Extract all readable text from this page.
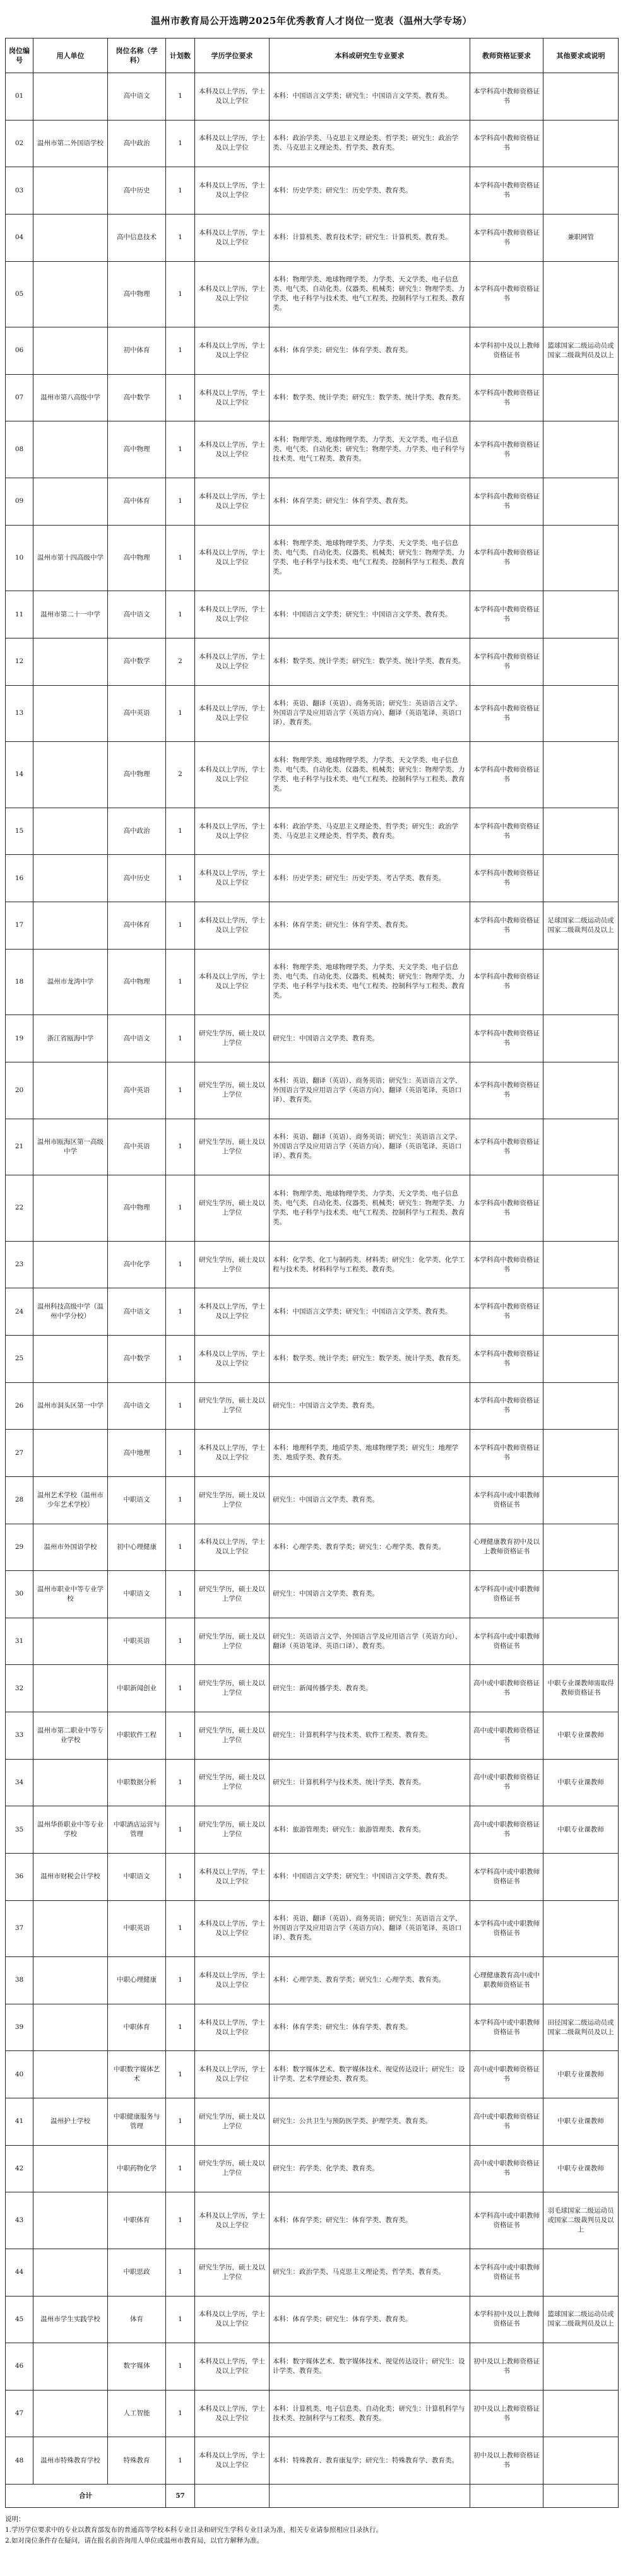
温州市教育局公开选聘2025年优秀教育人才岗位一览表（温州大学专场）
岗位编号	用人单位	岗位名称（学科）	计划数	学历学位要求	本科或研究生专业要求	教师资格证要求	其他要求或说明
01		高中语文	1	本科及以上学历，学士及以上学位	本科：中国语言文学类；研究生：中国语言文学类、教育类。	本学科高中教师资格证书	
02	温州市第二外国语学校	高中政治	1	本科及以上学历，学士及以上学位	本科：政治学类、马克思主义理论类、哲学类；研究生：政治学类、马克思主义理论类、哲学类、教育类。	本学科高中教师资格证书	
03		高中历史	1	本科及以上学历，学士及以上学位	本科：历史学类；研究生：历史学类、教育类。	本学科高中教师资格证书	
04		高中信息技术	1	本科及以上学历，学士及以上学位	本科：计算机类、教育技术学；研究生：计算机类、教育类。	本学科高中教师资格证书	兼职网管
05		高中物理	1	本科及以上学历，学士及以上学位	本科：物理学类、地球物理学类、力学类、天文学类、电子信息类、电气类、自动化类、仪器类、机械类；研究生：物理学类、力学类、电子科学与技术类、电气工程类、控制科学与工程类、教育类。	本学科高中教师资格证书	
06		初中体育	1	本科及以上学历，学士及以上学位	本科：体育学类；研究生：体育学类、教育类。	本学科初中及以上教师资格证书	篮球国家二级运动员或国家二级裁判员及以上
07	温州市第八高级中学	高中数学	1	本科及以上学历，学士及以上学位	本科：数学类、统计学类；研究生：数学类、统计学类、教育类。	本学科高中教师资格证书	
08		高中物理	1	本科及以上学历，学士及以上学位	本科：物理学类、地球物理学类、力学类、天文学类、电子信息类、电气类、自动化类；研究生：物理学类、力学类、电子科学与技术类、电气工程类、教育类。	本学科高中教师资格证书	
09		高中体育	1	本科及以上学历，学士及以上学位	本科：体育学类；研究生：体育学类、教育类。	本学科高中教师资格证书	
10	温州市第十四高级中学	高中物理	1	本科及以上学历，学士及以上学位	本科：物理学类、地球物理学类、力学类、天文学类、电子信息类、电气类、自动化类、仪器类、机械类；研究生：物理学类、力学类、电子科学与技术类、电气工程类、控制科学与工程类、教育类。	本学科高中教师资格证书	
11	温州市第二十一中学	高中语文	1	本科及以上学历，学士及以上学位	本科：中国语言文学类；研究生：中国语言文学类、教育类。	本学科高中教师资格证书	
12		高中数学	2	本科及以上学历，学士及以上学位	本科：数学类、统计学类；研究生：数学类、统计学类、教育类。	本学科高中教师资格证书	
13		高中英语	1	本科及以上学历，学士及以上学位	本科：英语、翻译（英语）、商务英语；研究生：英语语言文学、外国语言学及应用语言学（英语方向）、翻译（英语笔译、英语口译）、教育类。	本学科高中教师资格证书	
14		高中物理	2	本科及以上学历，学士及以上学位	本科：物理学类、地球物理学类、力学类、天文学类、电子信息类、电气类、自动化类、仪器类、机械类；研究生：物理学类、力学类、电子科学与技术类、电气工程类、控制科学与工程类、教育类。	本学科高中教师资格证书	
15		高中政治	1	本科及以上学历，学士及以上学位	本科：政治学类、马克思主义理论类、哲学类；研究生：政治学类、马克思主义理论类、哲学类、教育类。	本学科高中教师资格证书	
16		高中历史	1	本科及以上学历，学士及以上学位	本科：历史学类；研究生：历史学类、考古学类、教育类。	本学科高中教师资格证书	
17		高中体育	1	本科及以上学历，学士及以上学位	本科：体育学类；研究生：体育学类、教育类。	本学科高中教师资格证书	足球国家二级运动员或国家二级裁判员及以上
18	温州市龙湾中学	高中物理	1	本科及以上学历，学士及以上学位	本科：物理学类、地球物理学类、力学类、天文学类、电子信息类、电气类、自动化类、仪器类、机械类；研究生：物理学类、力学类、电子科学与技术类、电气工程类、控制科学与工程类、教育类。	本学科高中教师资格证书	
19	浙江省瓯海中学	高中语文	1	研究生学历，硕士及以上学位	研究生：中国语言文学类、教育类。	本学科高中教师资格证书	
20		高中英语	1	研究生学历，硕士及以上学位	本科：英语、翻译（英语）、商务英语；研究生：英语语言文学、外国语言学及应用语言学（英语方向）、翻译（英语笔译、英语口译）、教育类。	本学科高中教师资格证书	
21	温州市瓯海区第一高级中学	高中英语	1	研究生学历，硕士及以上学位	本科：英语、翻译（英语）、商务英语；研究生：英语语言文学、外国语言学及应用语言学（英语方向）、翻译（英语笔译、英语口译）、教育类。	本学科高中教师资格证书	
22		高中物理	1	研究生学历，硕士及以上学位	本科：物理学类、地球物理学类、力学类、天文学类、电子信息类、电气类、自动化类、仪器类、机械类；研究生：物理学类、力学类、电子科学与技术类、电气工程类、控制科学与工程类、教育类。	本学科高中教师资格证书	
23		高中化学	1	研究生学历，硕士及以上学位	本科：化学类、化工与制药类、材料类；研究生：化学类、化学工程与技术类、材料科学与工程类、教育类。	本学科高中教师资格证书	
24	温州科技高级中学（温州中学分校）	高中语文	1	本科及以上学历，学士及以上学位	本科：中国语言文学类；研究生：中国语言文学类、教育类。	本学科高中教师资格证书	
25		高中数学	1	本科及以上学历，学士及以上学位	本科：数学类、统计学类；研究生：数学类、统计学类、教育类。	本学科高中教师资格证书	
26	温州市洞头区第一中学	高中语文	1	研究生学历，硕士及以上学位	研究生：中国语言文学类、教育类。	本学科高中教师资格证书	
27		高中地理	1	本科及以上学历，学士及以上学位	本科：地理科学类、地质学类、地球物理学类；研究生：地理学类、地质学类、教育类。	本学科高中教师资格证书	
28	温州艺术学校（温州市少年艺术学校）	中职语文	1	研究生学历，硕士及以上学位	研究生：中国语言文学类、教育类。	本学科高中或中职教师资格证书	
29	温州市外国语学校	初中心理健康	1	本科及以上学历，学士及以上学位	本科：心理学类、教育学类；研究生：心理学类、教育类。	心理健康教育初中及以上教师资格证书	
30	温州市职业中等专业学校	中职语文	1	研究生学历，硕士及以上学位	研究生：中国语言文学类、教育类。	本学科高中或中职教师资格证书	
31		中职英语	1	研究生学历，硕士及以上学位	研究生：英语语言文学、外国语言学及应用语言学（英语方向）、翻译（英语笔译、英语口译）、教育类。	本学科高中或中职教师资格证书	
32		中职新闻创业	1	研究生学历，硕士及以上学位	研究生：新闻传播学类、教育类。	高中或中职教师资格证书	中职专业课教师需取得教师资格证书
33	温州市第二职业中等专业学校	中职软件工程	1	研究生学历，硕士及以上学位	研究生：计算机科学与技术类、软件工程类、教育类。	高中或中职教师资格证书	中职专业课教师
34		中职数据分析	1	研究生学历，硕士及以上学位	研究生：计算机科学与技术类、统计学类、教育类。	高中或中职教师资格证书	中职专业课教师
35	温州华侨职业中等专业学校	中职酒店运营与管理	1	研究生学历，硕士及以上学位	本科：旅游管理类；研究生：旅游管理类、教育类。	高中或中职教师资格证书	中职专业课教师
36	温州市财税会计学校	中职语文	1	本科及以上学历，学士及以上学位	本科：中国语言文学类；研究生：中国语言文学类、教育类。	本学科高中或中职教师资格证书	
37		中职英语	1	本科及以上学历，学士及以上学位	本科：英语、翻译（英语）、商务英语；研究生：英语语言文学、外国语言学及应用语言学（英语方向）、翻译（英语笔译、英语口译）、教育类。	本学科高中或中职教师资格证书	
38		中职心理健康	1	本科及以上学历，学士及以上学位	本科：心理学类、教育学类；研究生：心理学类、教育类。	心理健康教育高中或中职教师资格证书	
39		中职体育	1	本科及以上学历，学士及以上学位	本科：体育学类；研究生：体育学类、教育类。	本学科高中或中职教师资格证书	田径国家二级运动员或国家二级裁判员及以上
40		中职数字媒体艺术	1	本科及以上学历，学士及以上学位	本科：数字媒体艺术、数字媒体技术、视觉传达设计；研究生：设计学类、艺术学理论类、教育类。	高中或中职教师资格证书	中职专业课教师
41	温州护士学校	中职健康服务与管理	1	研究生学历，硕士及以上学位	研究生：公共卫生与预防医学类、护理学类、教育类。	高中或中职教师资格证书	中职专业课教师
42		中职药物化学	1	研究生学历，硕士及以上学位	研究生：药学类、化学类、教育类。	高中或中职教师资格证书	中职专业课教师
43		中职体育	1	本科及以上学历，学士及以上学位	本科：体育学类；研究生：体育学类、教育类。	本学科高中或中职教师资格证书	羽毛球国家二级运动员或国家二级裁判员及以上
44		中职思政	1	研究生学历，硕士及以上学位	研究生：政治学类、马克思主义理论类、哲学类、教育类。	本学科高中或中职教师资格证书	
45	温州市学生实践学校	体育	1	本科及以上学历，学士及以上学位	本科：体育学类；研究生：体育学类、教育类。	本学科初中及以上教师资格证书	篮球国家二级运动员或国家二级裁判员及以上
46		数字媒体	1	本科及以上学历，学士及以上学位	本科：数字媒体艺术、数字媒体技术、视觉传达设计；研究生：设计学类、教育类。	初中及以上教师资格证书	
47		人工智能	1	本科及以上学历，学士及以上学位	本科：计算机类、电子信息类、自动化类；研究生：计算机科学与技术类、控制科学与工程类、教育类。	初中及以上教师资格证书	
48	温州市特殊教育学校	特殊教育	1	本科及以上学历，学士及以上学位	本科：特殊教育、教育康复学；研究生：特殊教育学、教育类。	初中及以上教师资格证书	
合计			57				
说明：
1.学历学位要求中的专业以教育部发布的普通高等学校本科专业目录和研究生学科专业目录为准，相关专业请参照相应目录执行。
2.如对岗位条件存在疑问，请在报名前咨询用人单位或温州市教育局，以官方解释为准。
